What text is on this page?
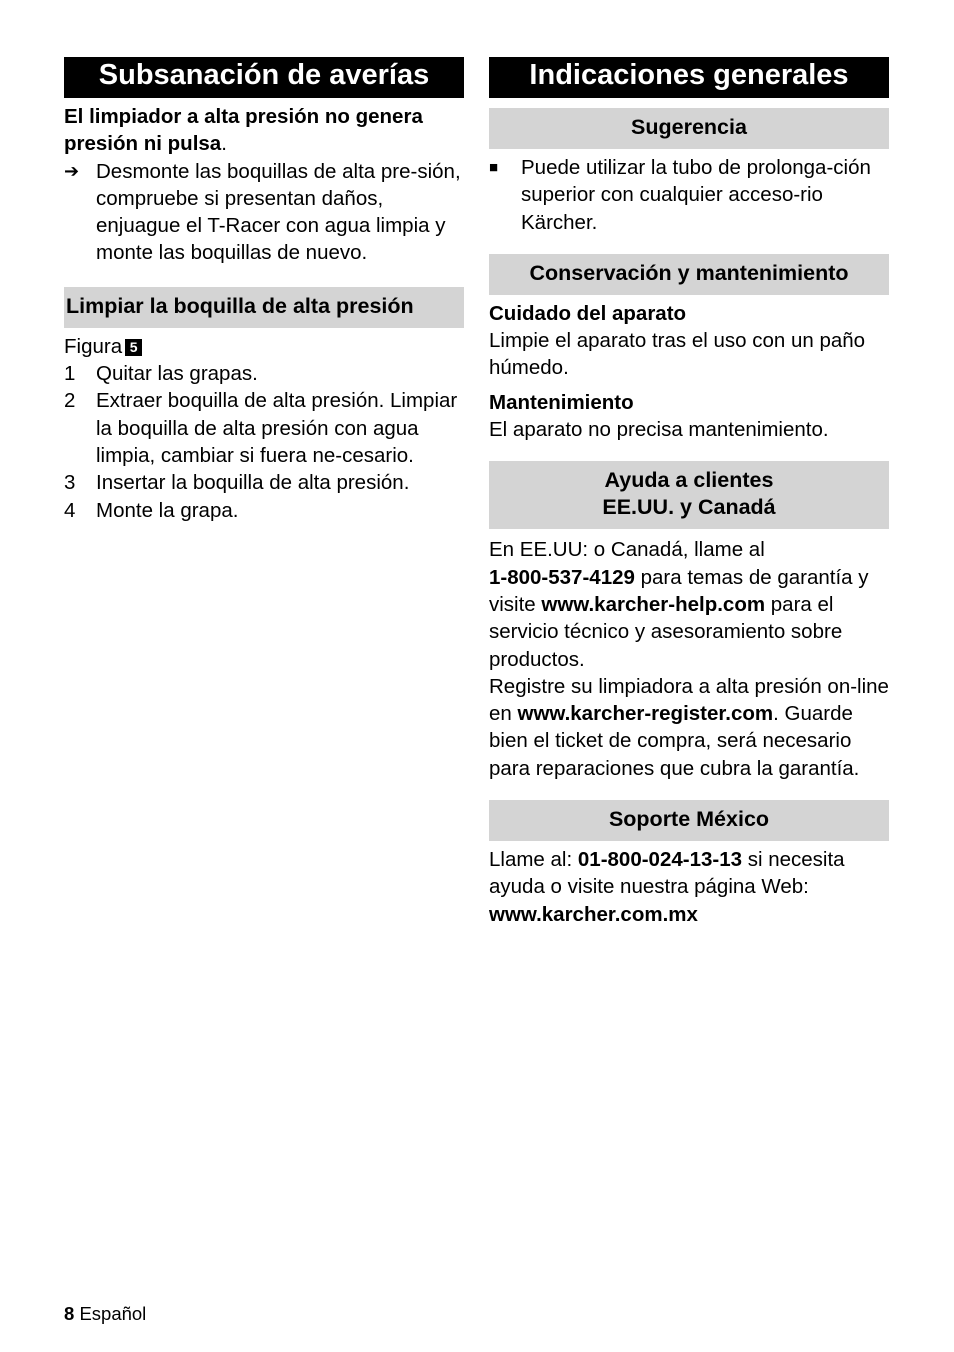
Subsanación de averías

El limpiador a alta presión no genera presión ni pulsa.

➔ Desmonte las boquillas de alta pre-sión, compruebe si presentan daños, enjuague el T-Racer con agua limpia y monte las boquillas de nuevo.
Limpiar la boquilla de alta presión

Figura 5

1	Quitar las grapas.
2	Extraer boquilla de alta presión. Limpiar la boquilla de alta presión con agua limpia, cambiar si fuera ne-cesario.
3	Insertar la boquilla de alta presión.
4	Monte la grapa.
Indicaciones generales
Sugerencia
■	Puede utilizar la tubo de prolonga-ción superior con cualquier acceso-rio Kärcher.
Conservación y mantenimiento

Cuidado del aparato

Limpie el aparato tras el uso con un paño húmedo.

Mantenimiento

El aparato no precisa mantenimiento.

Ayuda a clientes
EE.UU. y Canadá

En EE.UU: o Canadá, llame al
1-800-537-4129 para temas de garantía y visite www.karcher-help.com para el servicio técnico y asesoramiento sobre productos.

Registre su limpiadora a alta presión on-line en www.karcher-register.com. Guarde bien el ticket de compra, será necesario para reparaciones que cubra la garantía.

Soporte México

Llame al: 01-800-024-13-13 si necesita ayuda o visite nuestra página Web:
www.karcher.com.mx

8 Español
